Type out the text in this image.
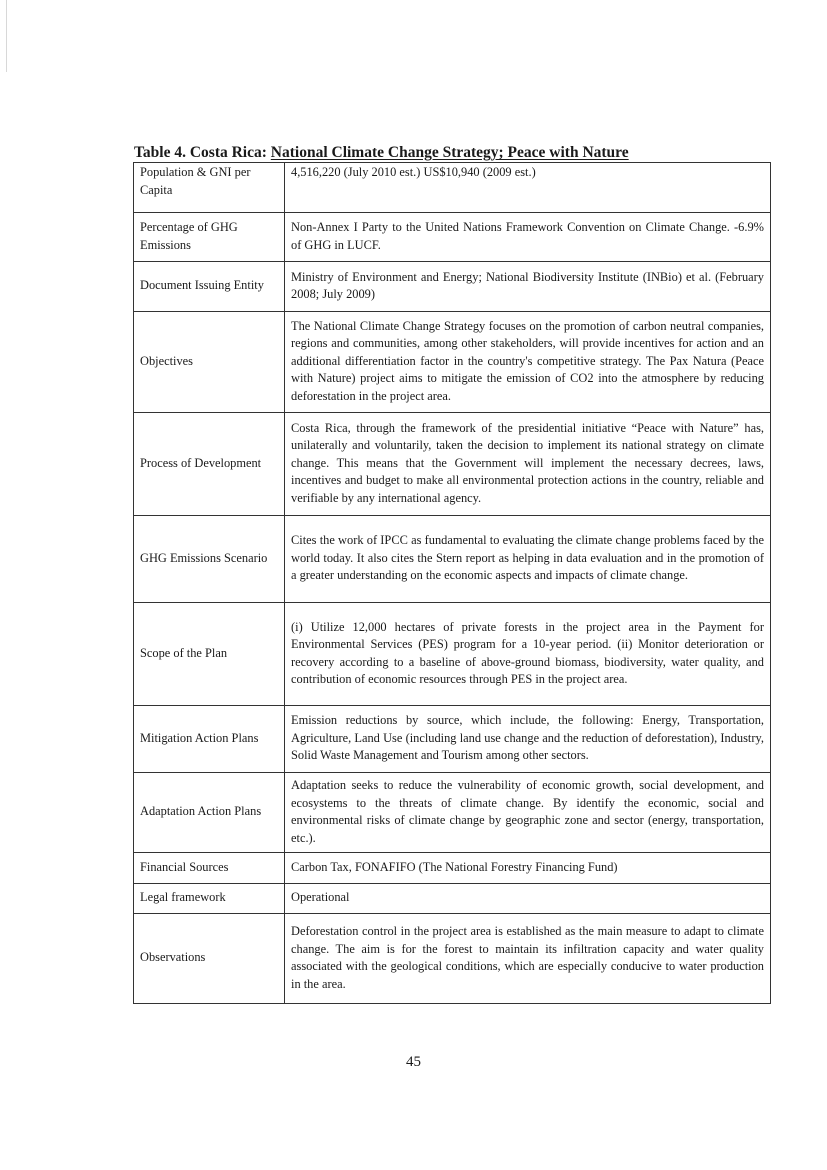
Table 4. Costa Rica: National Climate Change Strategy; Peace with Nature
Population & GNI per Capita	4,516,220 (July 2010 est.) US$10,940 (2009 est.)
Percentage of GHG Emissions	Non-Annex I Party to the United Nations Framework Convention on Climate Change. -6.9% of GHG in LUCF.
Document Issuing Entity	Ministry of Environment and Energy; National Biodiversity Institute (INBio) et al. (February 2008; July 2009)
Objectives	The National Climate Change Strategy focuses on the promotion of carbon neutral companies, regions and communities, among other stakeholders, will provide incentives for action and an additional differentiation factor in the country's competitive strategy. The Pax Natura (Peace with Nature) project aims to mitigate the emission of CO2 into the atmosphere by reducing deforestation in the project area.
Process of Development	Costa Rica, through the framework of the presidential initiative “Peace with Nature” has, unilaterally and voluntarily, taken the decision to implement its national strategy on climate change. This means that the Government will implement the necessary decrees, laws, incentives and budget to make all environmental protection actions in the country, reliable and verifiable by any international agency.
GHG Emissions Scenario	Cites the work of IPCC as fundamental to evaluating the climate change problems faced by the world today. It also cites the Stern report as helping in data evaluation and in the promotion of a greater understanding on the economic aspects and impacts of climate change.
Scope of the Plan	(i) Utilize 12,000 hectares of private forests in the project area in the Payment for Environmental Services (PES) program for a 10-year period. (ii) Monitor deterioration or recovery according to a baseline of above-ground biomass, biodiversity, water quality, and contribution of economic resources through PES in the project area.
Mitigation Action Plans	Emission reductions by source, which include, the following: Energy, Transportation, Agriculture, Land Use (including land use change and the reduction of deforestation), Industry, Solid Waste Management and Tourism among other sectors.
Adaptation Action Plans	Adaptation seeks to reduce the vulnerability of economic growth, social development, and ecosystems to the threats of climate change. By identify the economic, social and environmental risks of climate change by geographic zone and sector (energy, transportation, etc.).
Financial Sources	Carbon Tax, FONAFIFO (The National Forestry Financing Fund)
Legal framework	Operational
Observations	Deforestation control in the project area is established as the main measure to adapt to climate change. The aim is for the forest to maintain its infiltration capacity and water quality associated with the geological conditions, which are especially conducive to water production in the area.
45
